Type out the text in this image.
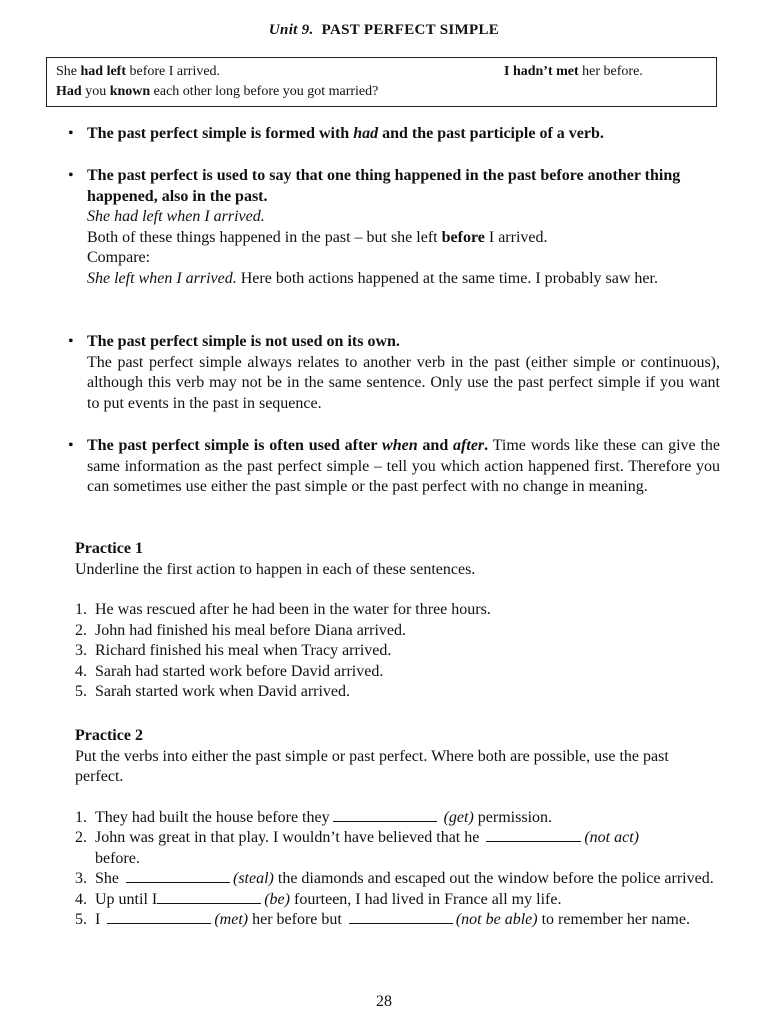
Unit 9. PAST PERFECT SIMPLE
She had left before I arrived.	I hadn’t met her before.
Had you known each other long before you got married?
• The past perfect simple is formed with had and the past participle of a verb.
• The past perfect is used to say that one thing happened in the past before another thing happened, also in the past.
She had left when I arrived.
Both of these things happened in the past – but she left before I arrived.
Compare:
She left when I arrived. Here both actions happened at the same time. I probably saw her.
• The past perfect simple is not used on its own.
The past perfect simple always relates to another verb in the past (either simple or continuous), although this verb may not be in the same sentence. Only use the past perfect simple if you want to put events in the past in sequence.
• The past perfect simple is often used after when and after. Time words like these can give the same information as the past perfect simple – tell you which action happened first. Therefore you can sometimes use either the past simple or the past perfect with no change in meaning.
Practice 1
Underline the first action to happen in each of these sentences.
1. He was rescued after he had been in the water for three hours.
2. John had finished his meal before Diana arrived.
3. Richard finished his meal when Tracy arrived.
4. Sarah had started work before David arrived.
5. Sarah started work when David arrived.
Practice 2
Put the verbs into either the past simple or past perfect. Where both are possible, use the past perfect.
1. They had built the house before they	(get) permission.
2. John was great in that play. I wouldn’t have believed that he	(not act)
before.
3. She	(steal) the diamonds and escaped out the window before the police arrived.
4. Up until I	(be) fourteen, I had lived in France all my life.
5. I	(met) her before but	(not be able) to remember her name.
28
